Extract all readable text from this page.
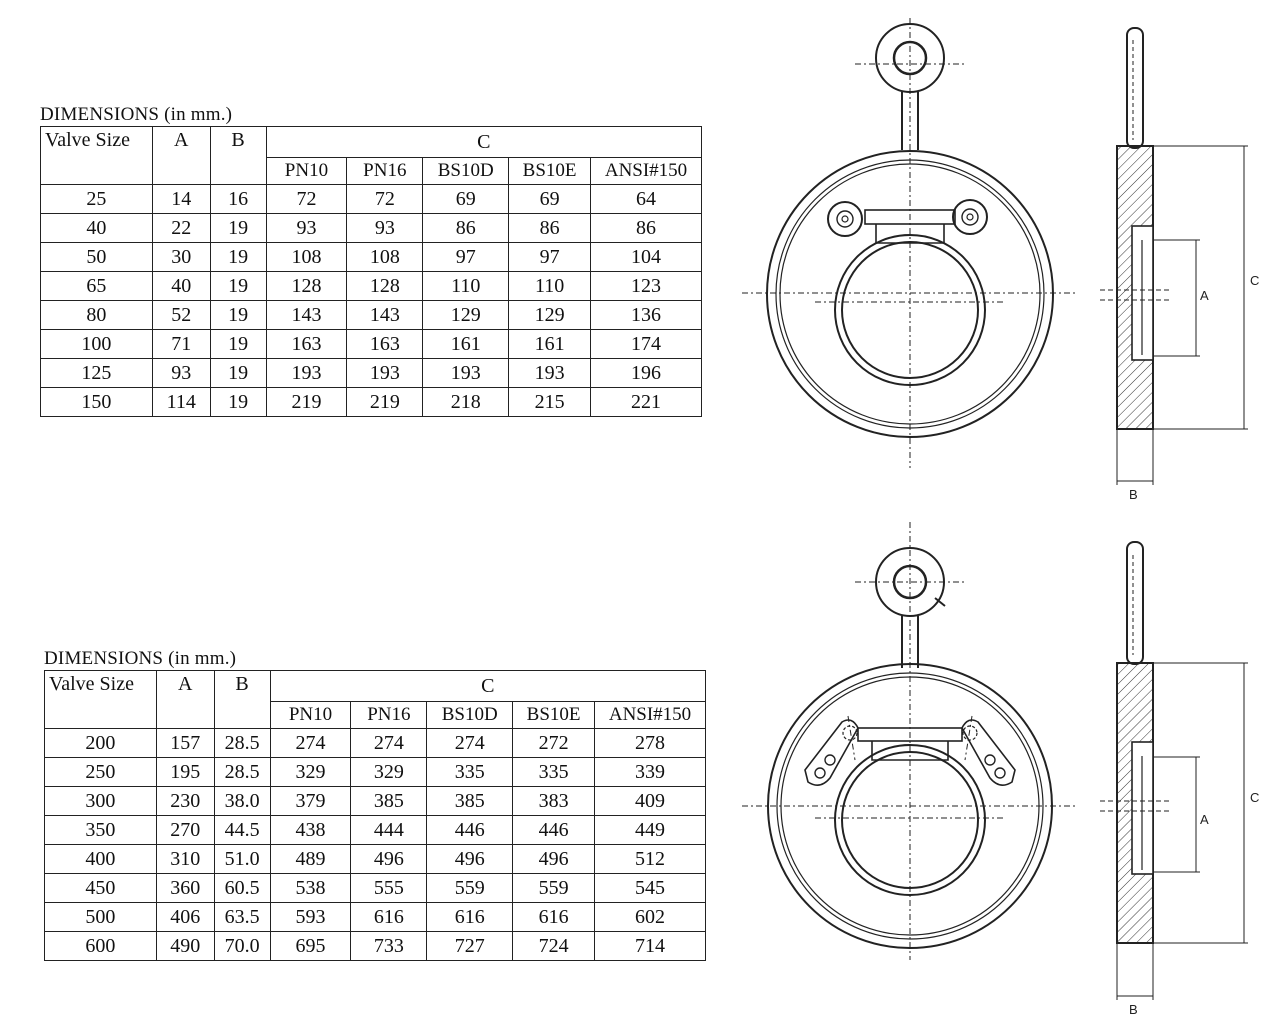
DIMENSIONS (in mm.)
Valve Size	A	B	C				
			PN10	PN16	BS10D	BS10E	ANSI#150
25	14	16	72	72	69	69	64
40	22	19	93	93	86	86	86
50	30	19	108	108	97	97	104
65	40	19	128	128	110	110	123
80	52	19	143	143	129	129	136
100	71	19	163	163	161	161	174
125	93	19	193	193	193	193	196
150	114	19	219	219	218	215	221
DIMENSIONS (in mm.)
Valve Size	A	B	C				
			PN10	PN16	BS10D	BS10E	ANSI#150
200	157	28.5	274	274	274	272	278
250	195	28.5	329	329	335	335	339
300	230	38.0	379	385	385	383	409
350	270	44.5	438	444	446	446	449
400	310	51.0	489	496	496	496	512
450	360	60.5	538	555	559	559	545
500	406	63.5	593	616	616	616	602
600	490	70.0	695	733	727	724	714
A
C
B
A
C
B
